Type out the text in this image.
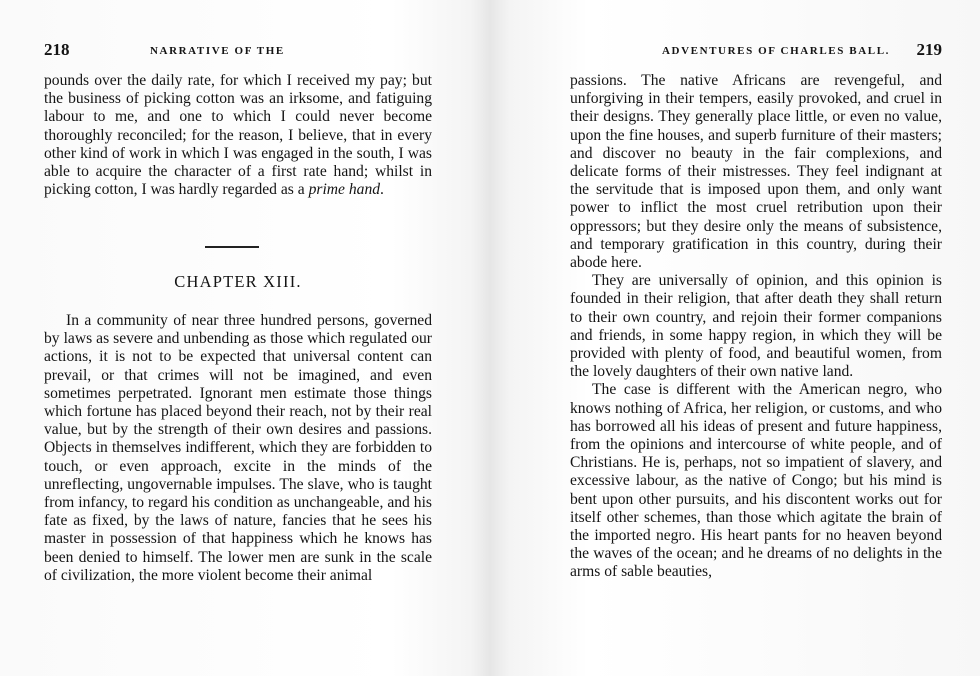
218	NARRATIVE OF THE

pounds over the daily rate, for which I received my pay; but the business of picking cotton was an irksome, and fatiguing labour to me, and one to which I could never become thoroughly reconciled; for the reason, I believe, that in every other kind of work in which I was engaged in the south, I was able to acquire the character of a first rate hand; whilst in picking cotton, I was hardly regarded as a prime hand.

CHAPTER XIII.

In a community of near three hundred persons, governed by laws as severe and unbending as those which regulated our actions, it is not to be expected that universal content can prevail, or that crimes will not be imagined, and even sometimes perpetrated. Ignorant men estimate those things which fortune has placed beyond their reach, not by their real value, but by the strength of their own desires and passions. Objects in themselves indifferent, which they are forbidden to touch, or even approach, excite in the minds of the unreflecting, ungovernable impulses. The slave, who is taught from infancy, to regard his condition as unchangeable, and his fate as fixed, by the laws of nature, fancies that he sees his master in possession of that happiness which he knows has been denied to himself. The lower men are sunk in the scale of civilization, the more violent become their animal

ADVENTURES OF CHARLES BALL. 219

passions. The native Africans are revengeful, and unforgiving in their tempers, easily provoked, and cruel in their designs. They generally place little, or even no value, upon the fine houses, and superb furniture of their masters; and discover no beauty in the fair complexions, and delicate forms of their mistresses. They feel indignant at the servitude that is imposed upon them, and only want power to inflict the most cruel retribution upon their oppressors; but they desire only the means of subsistence, and temporary gratification in this country, during their abode here.

They are universally of opinion, and this opinion is founded in their religion, that after death they shall return to their own country, and rejoin their former companions and friends, in some happy region, in which they will be provided with plenty of food, and beautiful women, from the lovely daughters of their own native land.

The case is different with the American negro, who knows nothing of Africa, her religion, or customs, and who has borrowed all his ideas of present and future happiness, from the opinions and intercourse of white people, and of Christians. He is, perhaps, not so impatient of slavery, and excessive labour, as the native of Congo; but his mind is bent upon other pursuits, and his discontent works out for itself other schemes, than those which agitate the brain of the imported negro. His heart pants for no heaven beyond the waves of the ocean; and he dreams of no delights in the arms of sable beauties,
